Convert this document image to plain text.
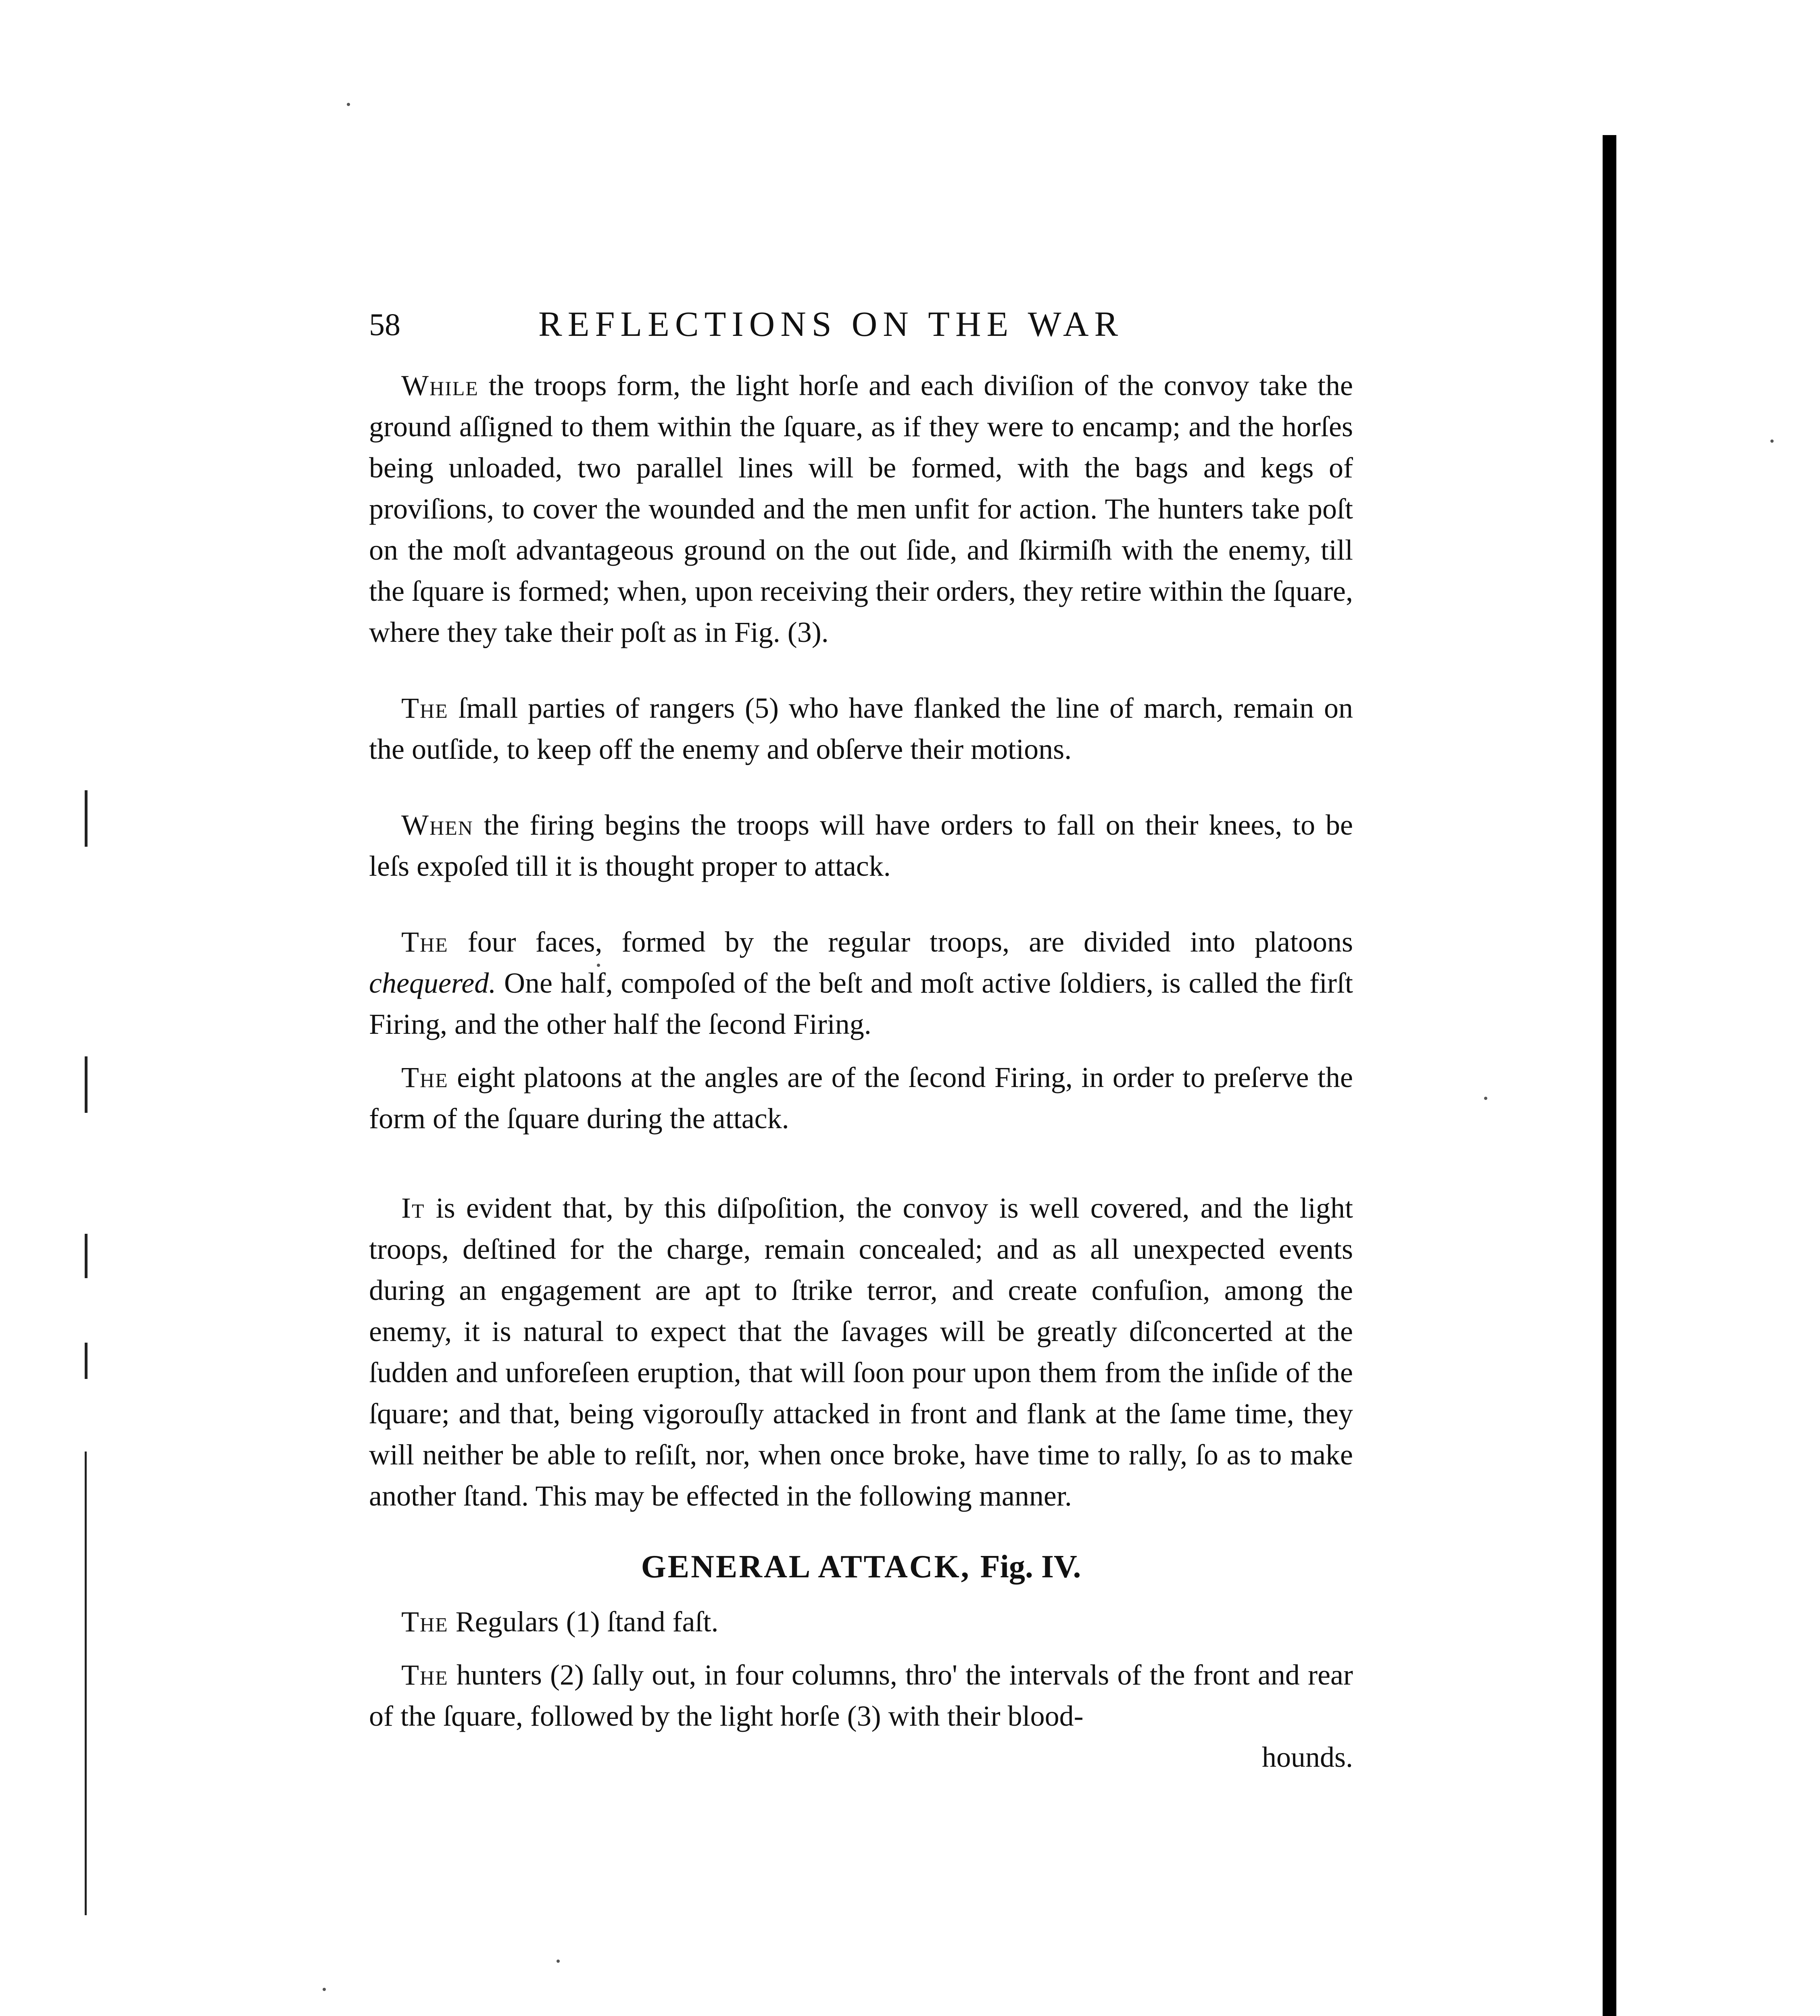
58	REFLECTIONS ON THE WAR

While the troops form, the light horſe and each diviſion of the convoy take the ground aſſigned to them within the ſquare, as if they were to encamp; and the horſes being unloaded, two parallel lines will be formed, with the bags and kegs of proviſions, to cover the wounded and the men unfit for action. The hunters take poſt on the moſt advantageous ground on the out ſide, and ſkirmiſh with the enemy, till the ſquare is formed; when, upon receiving their orders, they retire within the ſquare, where they take their poſt as in Fig. (3).

The ſmall parties of rangers (5) who have flanked the line of march, remain on the outſide, to keep off the enemy and obſerve their motions.

When the firing begins the troops will have orders to fall on their knees, to be leſs expoſed till it is thought proper to attack.

The four faces, formed by the regular troops, are divided into platoons chequered. One half, compoſed of the beſt and moſt active ſoldiers, is called the firſt Firing, and the other half the ſecond Firing.

The eight platoons at the angles are of the ſecond Firing, in order to preſerve the form of the ſquare during the attack.

It is evident that, by this diſpoſition, the convoy is well covered, and the light troops, deſtined for the charge, remain concealed; and as all unexpected events during an engagement are apt to ſtrike terror, and create confuſion, among the enemy, it is natural to expect that the ſavages will be greatly diſconcerted at the ſudden and unforeſeen eruption, that will ſoon pour upon them from the inſide of the ſquare; and that, being vigorouſly attacked in front and flank at the ſame time, they will neither be able to reſiſt, nor, when once broke, have time to rally, ſo as to make another ſtand. This may be effected in the following manner.

GENERAL ATTACK, Fig. IV.

The Regulars (1) ſtand faſt.

The hunters (2) ſally out, in four columns, thro' the intervals of the front and rear of the ſquare, followed by the light horſe (3) with their blood-

hounds.
